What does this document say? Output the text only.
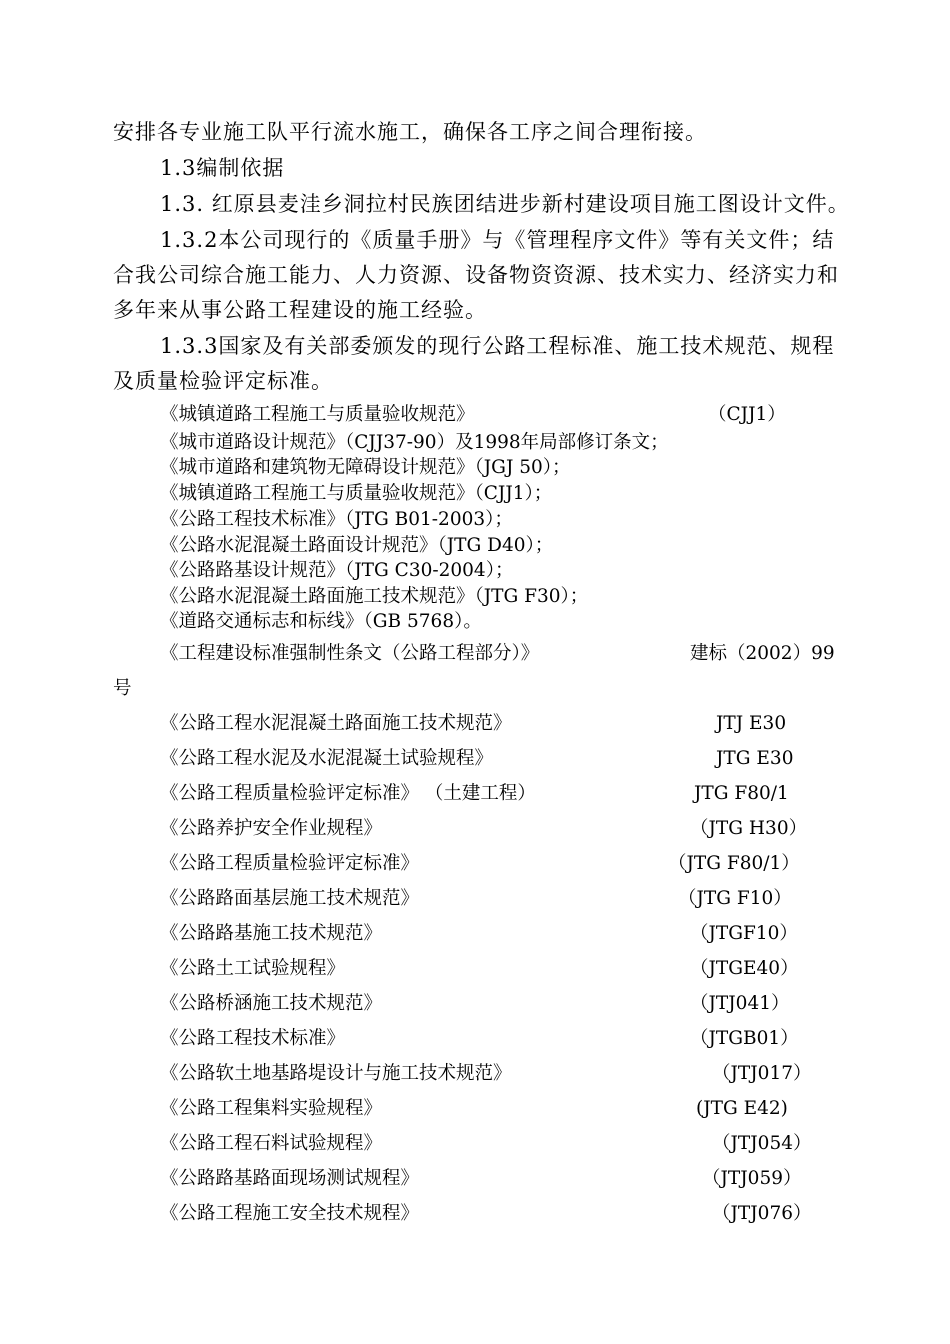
安排各专业施工队平行流水施工，确保各工序之间合理衔接。
1.3编制依据
1.3. 红原县麦洼乡洞拉村民族团结进步新村建设项目施工图设计文件。
1.3.2本公司现行的《质量手册》与《管理程序文件》等有关文件；结
合我公司综合施工能力、人力资源、设备物资资源、技术实力、经济实力和
多年来从事公路工程建设的施工经验。
1.3.3国家及有关部委颁发的现行公路工程标准、施工技术规范、规程
及质量检验评定标准。
《城镇道路工程施工与质量验收规范》	（CJJ1）
《城市道路设计规范》（CJJ37-90）及1998年局部修订条文；
《城市道路和建筑物无障碍设计规范》（JGJ 50）；
《城镇道路工程施工与质量验收规范》（CJJ1）；
《公路工程技术标准》（JTG B01-2003）；
《公路水泥混凝土路面设计规范》（JTG D40）；
《公路路基设计规范》（JTG C30-2004）；
《公路水泥混凝土路面施工技术规范》（JTG F30）；
《道路交通标志和标线》（GB 5768）。
《工程建设标准强制性条文（公路工程部分）》	建标（2002）99
号
《公路工程水泥混凝土路面施工技术规范》	JTJ E30
《公路工程水泥及水泥混凝土试验规程》	JTG E30
《公路工程质量检验评定标准》 （土建工程）	JTG F80/1
《公路养护安全作业规程》	（JTG H30）
《公路工程质量检验评定标准》	（JTG F80/1）
《公路路面基层施工技术规范》	（JTG F10）
《公路路基施工技术规范》	（JTGF10）
《公路土工试验规程》	（JTGE40）
《公路桥涵施工技术规范》	（JTJ041）
《公路工程技术标准》	（JTGB01）
《公路软土地基路堤设计与施工技术规范》	（JTJ017）
《公路工程集料实验规程》	(JTG E42)
《公路工程石料试验规程》	（JTJ054）
《公路路基路面现场测试规程》	（JTJ059）
《公路工程施工安全技术规程》	（JTJ076）
